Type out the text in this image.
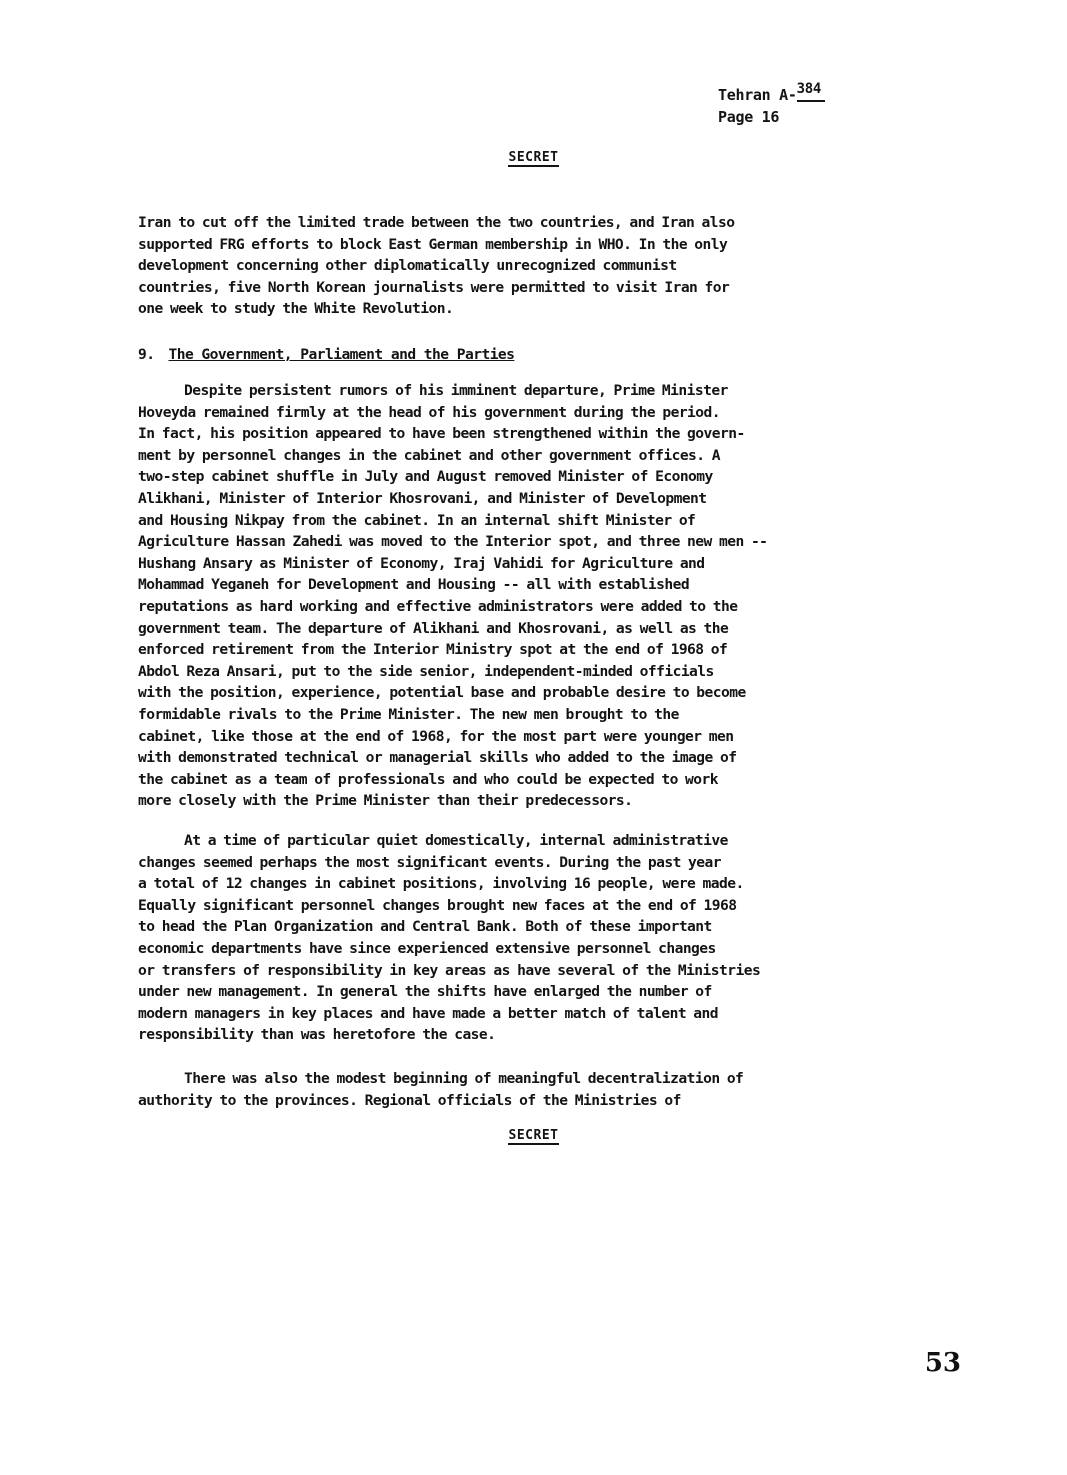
Tehran A-384
Page 16
SECRET
Iran to cut off the limited trade between the two countries, and Iran also
supported FRG efforts to block East German membership in WHO. In the only
development concerning other diplomatically unrecognized communist
countries, five North Korean journalists were permitted to visit Iran for
one week to study the White Revolution.
9. The Government, Parliament and the Parties
Despite persistent rumors of his imminent departure, Prime Minister
Hoveyda remained firmly at the head of his government during the period.
In fact, his position appeared to have been strengthened within the govern-
ment by personnel changes in the cabinet and other government offices. A
two-step cabinet shuffle in July and August removed Minister of Economy
Alikhani, Minister of Interior Khosrovani, and Minister of Development
and Housing Nikpay from the cabinet. In an internal shift Minister of
Agriculture Hassan Zahedi was moved to the Interior spot, and three new men --
Hushang Ansary as Minister of Economy, Iraj Vahidi for Agriculture and
Mohammad Yeganeh for Development and Housing -- all with established
reputations as hard working and effective administrators were added to the
government team. The departure of Alikhani and Khosrovani, as well as the
enforced retirement from the Interior Ministry spot at the end of 1968 of
Abdol Reza Ansari, put to the side senior, independent-minded officials
with the position, experience, potential base and probable desire to become
formidable rivals to the Prime Minister. The new men brought to the
cabinet, like those at the end of 1968, for the most part were younger men
with demonstrated technical or managerial skills who added to the image of
the cabinet as a team of professionals and who could be expected to work
more closely with the Prime Minister than their predecessors.
At a time of particular quiet domestically, internal administrative
changes seemed perhaps the most significant events. During the past year
a total of 12 changes in cabinet positions, involving 16 people, were made.
Equally significant personnel changes brought new faces at the end of 1968
to head the Plan Organization and Central Bank. Both of these important
economic departments have since experienced extensive personnel changes
or transfers of responsibility in key areas as have several of the Ministries
under new management. In general the shifts have enlarged the number of
modern managers in key places and have made a better match of talent and
responsibility than was heretofore the case.
There was also the modest beginning of meaningful decentralization of
authority to the provinces. Regional officials of the Ministries of
SECRET
53
